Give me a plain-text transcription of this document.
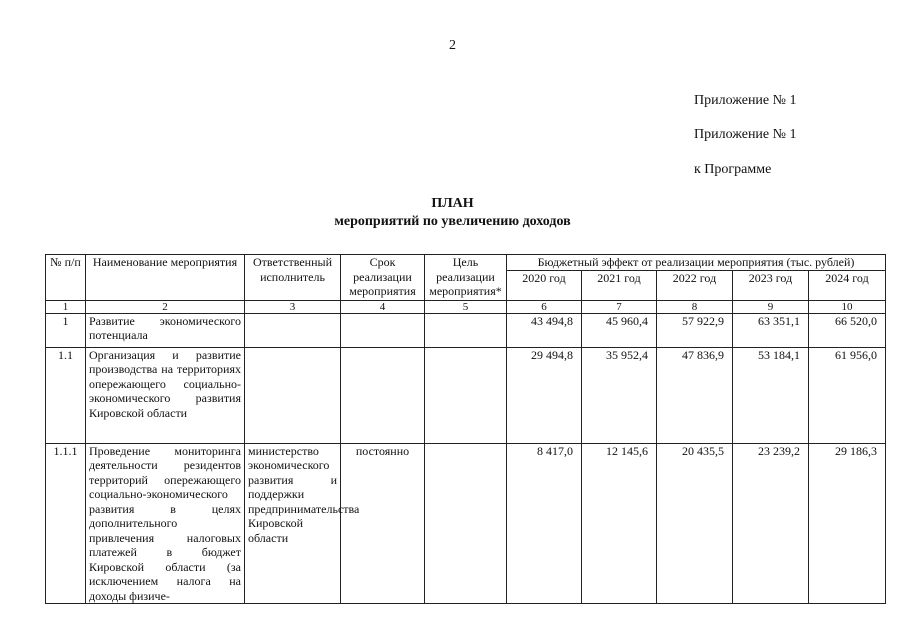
2
Приложение № 1
Приложение № 1
к Программе
ПЛАН
мероприятий по увеличению доходов
№ п/п	Наименование мероприятия	Ответственный исполнитель	Срок реализации мероприятия	Цель реализации мероприятия*	Бюджетный эффект от реализации мероприятия (тыс. рублей)				
					2020 год	2021 год	2022 год	2023 год	2024 год
1	2	3	4	5	6	7	8	9	10
1	Развитие экономического потенциала				43 494,8	45 960,4	57 922,9	63 351,1	66 520,0
1.1	Организация и развитие производства на территориях опережающего социально-экономического развития Кировской области				29 494,8	35 952,4	47 836,9	53 184,1	61 956,0
1.1.1	Проведение мониторинга деятельности резидентов территорий опережающего социально-экономического развития в целях дополнительного привлечения налоговых платежей в бюджет Кировской области (за исключением налога на доходы физиче-	министерство экономического развития и поддержки предпринимательства Кировской области	постоянно		8 417,0	12 145,6	20 435,5	23 239,2	29 186,3
